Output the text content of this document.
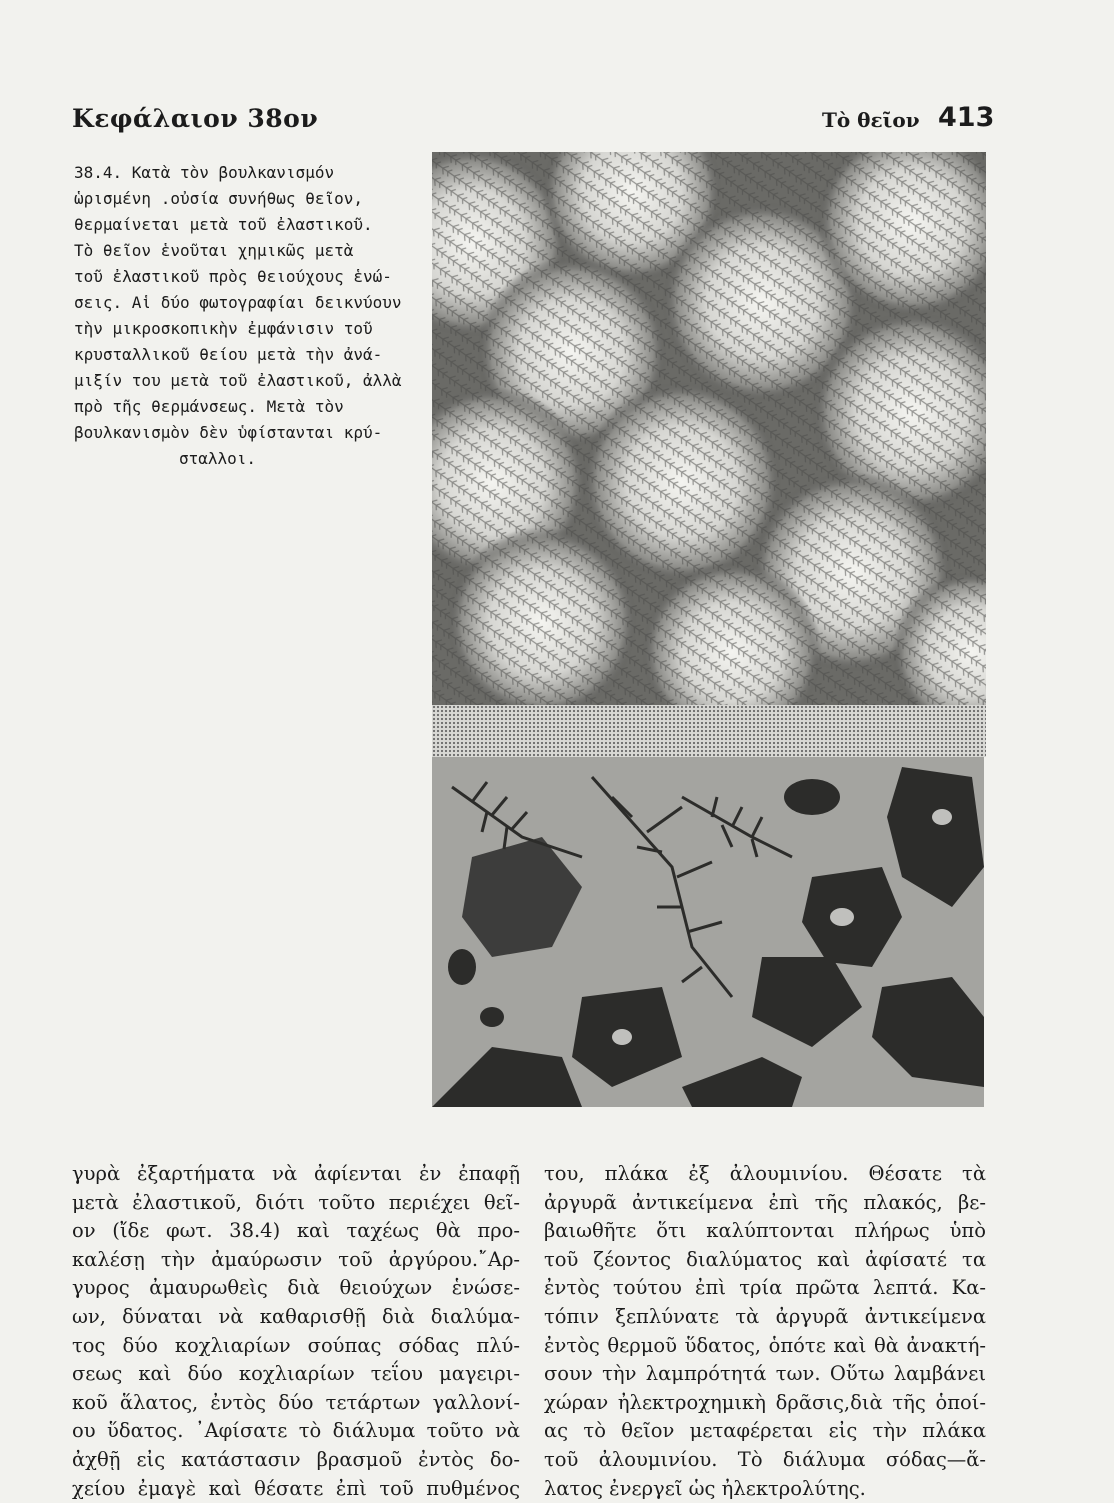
Κεφάλαιον 38ον	Τὸ θεῖον 413
38.4. Κατὰ τὸν βουλκανισμόν
ὡρισμένη .οὐσία συνήθως θεῖον,
θερμαίνεται μετὰ τοῦ ἐλαστικοῦ.
Τὸ θεῖον ἑνοῦται χημικῶς μετὰ
τοῦ ἐλαστικοῦ πρὸς θειούχους ἑνώ-
σεις. Αἱ δύο φωτογραφίαι δεικνύουν
τὴν μικροσκοπικὴν ἐμφάνισιν τοῦ
κρυσταλλικοῦ θείου μετὰ τὴν ἀνά-
μιξίν του μετὰ τοῦ ἐλαστικοῦ, ἀλλὰ
πρὸ τῆς θερμάνσεως. Μετὰ τὸν
βουλκανισμὸν δὲν ὑφίστανται κρύ-
σταλλοι.
γυρὰ ἐξαρτήματα νὰ ἀφίενται ἐν ἐπαφῇ
μετὰ ἐλαστικοῦ, διότι τοῦτο περιέχει θεῖ-
ον (ἴδε φωτ. 38.4) καὶ ταχέως θὰ προ-
καλέσῃ τὴν ἀμαύρωσιν τοῦ ἀργύρου.῎Αρ-
γυρος ἀμαυρωθεὶς διὰ θειούχων ἑνώσε-
ων, δύναται νὰ καθαρισθῇ διὰ διαλύμα-
τος δύο κοχλιαρίων σούπας σόδας πλύ-
σεως καὶ δύο κοχλιαρίων τεΐου μαγειρι-
κοῦ ἅλατος, ἐντὸς δύο τετάρτων γαλλονί-
ου ὕδατος. ᾿Αφίσατε τὸ διάλυμα τοῦτο νὰ
ἀχθῇ εἰς κατάστασιν βρασμοῦ ἐντὸς δο-
χείου ἐμαγὲ καὶ θέσατε ἐπὶ τοῦ πυθμένος
του, πλάκα ἐξ ἀλουμινίου. Θέσατε τὰ
ἀργυρᾶ ἀντικείμενα ἐπὶ τῆς πλακός, βε-
βαιωθῆτε ὅτι καλύπτονται πλήρως ὑπὸ
τοῦ ζέοντος διαλύματος καὶ ἀφίσατέ τα
ἐντὸς τούτου ἐπὶ τρία πρῶτα λεπτά. Κα-
τόπιν ξεπλύνατε τὰ ἀργυρᾶ ἀντικείμενα
ἐντὸς θερμοῦ ὕδατος, ὁπότε καὶ θὰ ἀνακτή-
σουν τὴν λαμπρότητά των. Οὕτω λαμβάνει
χώραν ἠλεκτροχημικὴ δρᾶσις,διὰ τῆς ὁποί-
ας τὸ θεῖον μεταφέρεται εἰς τὴν πλάκα
τοῦ ἀλουμινίου. Τὸ διάλυμα σόδας—ἅ-
λατος ἐνεργεῖ ὡς ἠλεκτρολύτης.
